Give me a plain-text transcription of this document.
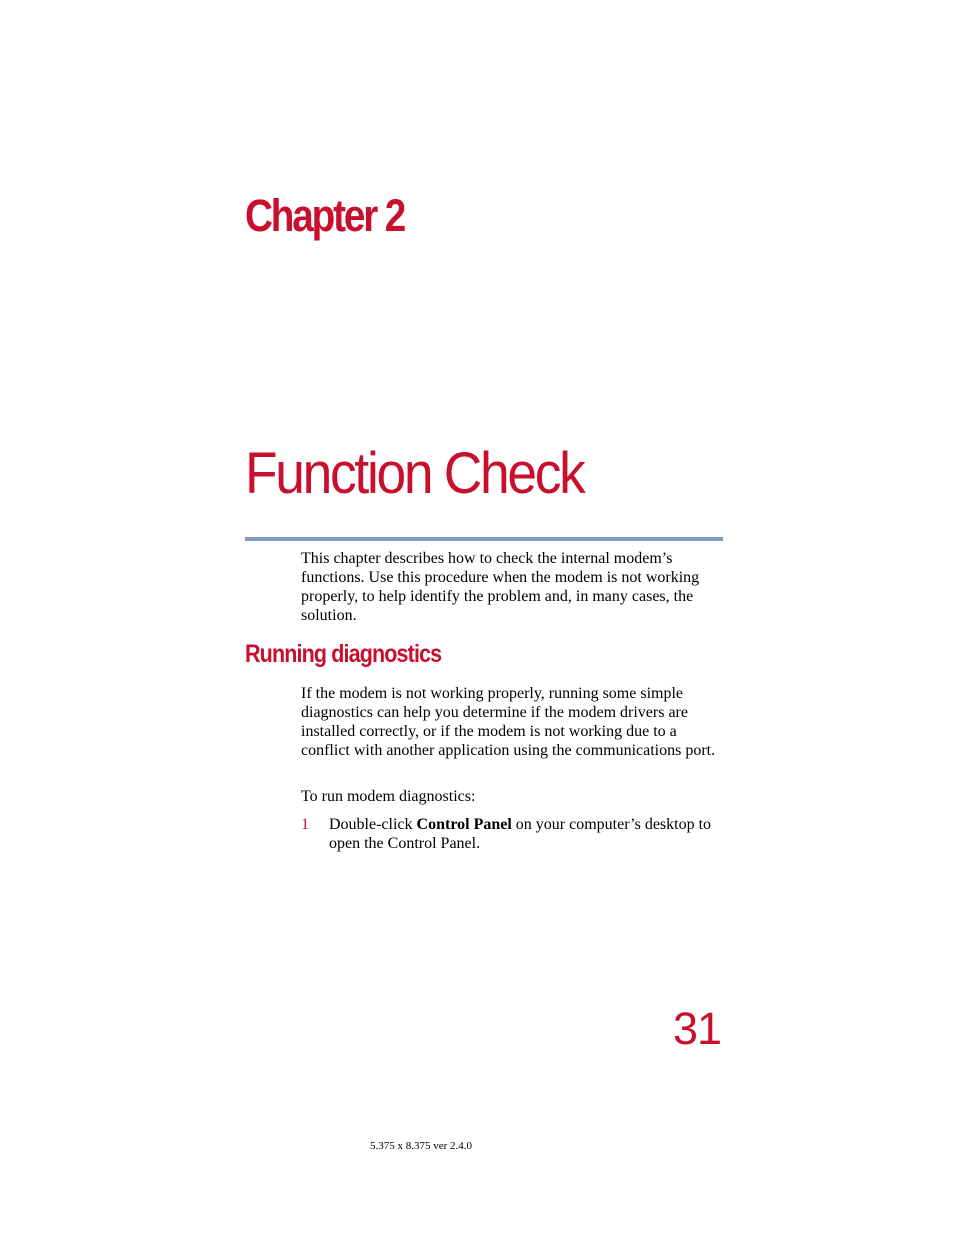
Chapter 2
Function Check

This chapter describes how to check the internal modem’s functions. Use this procedure when the modem is not working properly, to help identify the problem and, in many cases, the solution.

Running diagnostics

If the modem is not working properly, running some simple diagnostics can help you determine if the modem drivers are installed correctly, or if the modem is not working due to a conflict with another application using the communications port.

To run modem diagnostics:

1 Double-click Control Panel on your computer’s desktop to open the Control Panel.

31

5.375 x 8.375 ver 2.4.0
